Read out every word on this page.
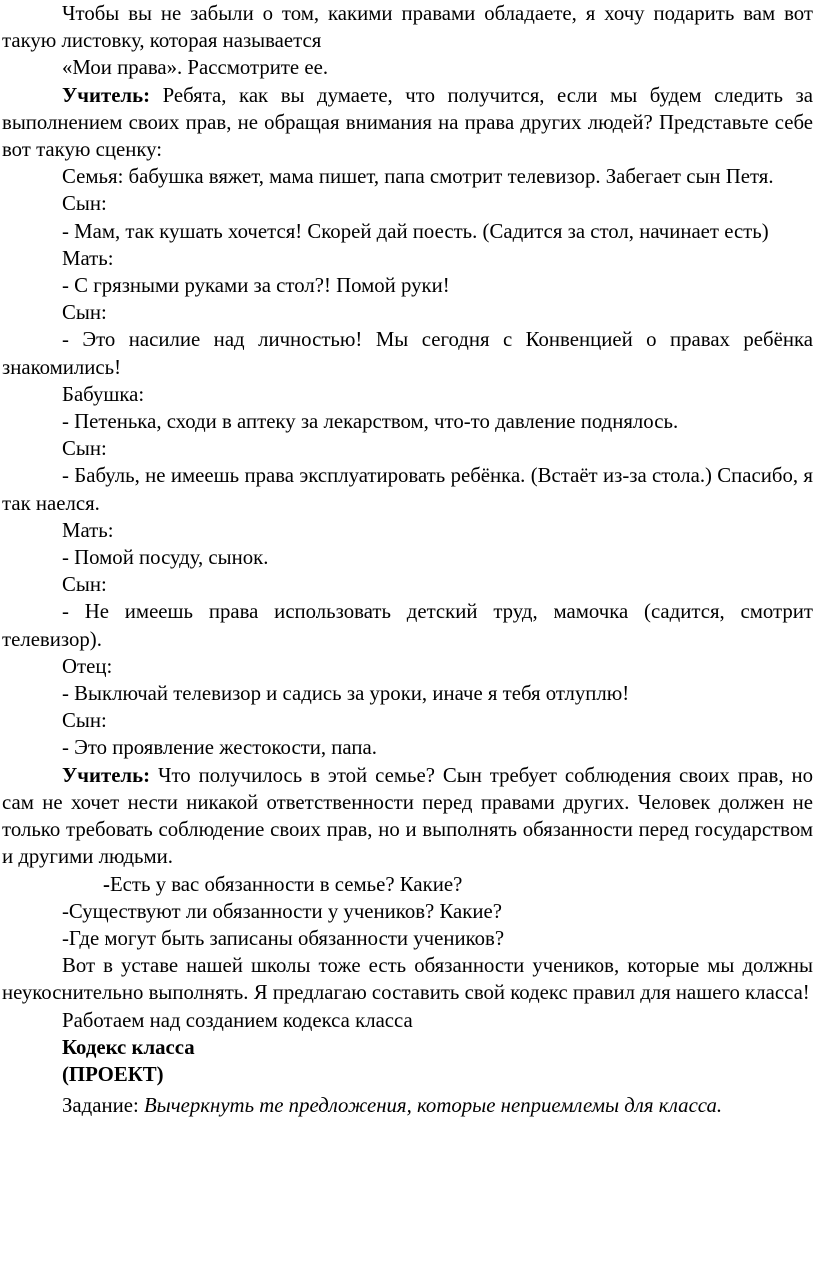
Чтобы вы не забыли о том, какими правами обладаете, я хочу подарить вам вот такую листовку, которая называется

«Мои права». Рассмотрите ее.

Учитель: Ребята, как вы думаете, что получится, если мы будем следить за выполнением своих прав, не обращая внимания на права других людей? Представьте себе вот такую сценку:

Семья: бабушка вяжет, мама пишет, папа смотрит телевизор. Забегает сын Петя.

Сын:

- Мам, так кушать хочется! Скорей дай поесть. (Садится за стол, начинает есть)

Мать:

- С грязными руками за стол?! Помой руки!

Сын:

- Это насилие над личностью! Мы сегодня с Конвенцией о правах ребёнка знакомились!

Бабушка:

- Петенька, сходи в аптеку за лекарством, что-то давление поднялось.

Сын:

- Бабуль, не имеешь права эксплуатировать ребёнка. (Встаёт из-за стола.) Спасибо, я так наелся.

Мать:

- Помой посуду, сынок.

Сын:

- Не имеешь права использовать детский труд, мамочка (садится, смотрит телевизор).

Отец:

- Выключай телевизор и садись за уроки, иначе я тебя отлуплю!

Сын:

- Это проявление жестокости, папа.

Учитель: Что получилось в этой семье? Сын требует соблюдения своих прав, но сам не хочет нести никакой ответственности перед правами других. Человек должен не только требовать соблюдение своих прав, но и выполнять обязанности перед государством и другими людьми.

-Есть у вас обязанности в семье? Какие?

-Существуют ли обязанности у учеников? Какие?

-Где могут быть записаны обязанности учеников?

Вот в уставе нашей школы тоже есть обязанности учеников, которые мы должны неукоснительно выполнять. Я предлагаю составить свой кодекс правил для нашего класса!

Работаем над созданием кодекса класса

Кодекс класса

(ПРОЕКТ)

Задание: Вычеркнуть те предложения, которые неприемлемы для класса.
